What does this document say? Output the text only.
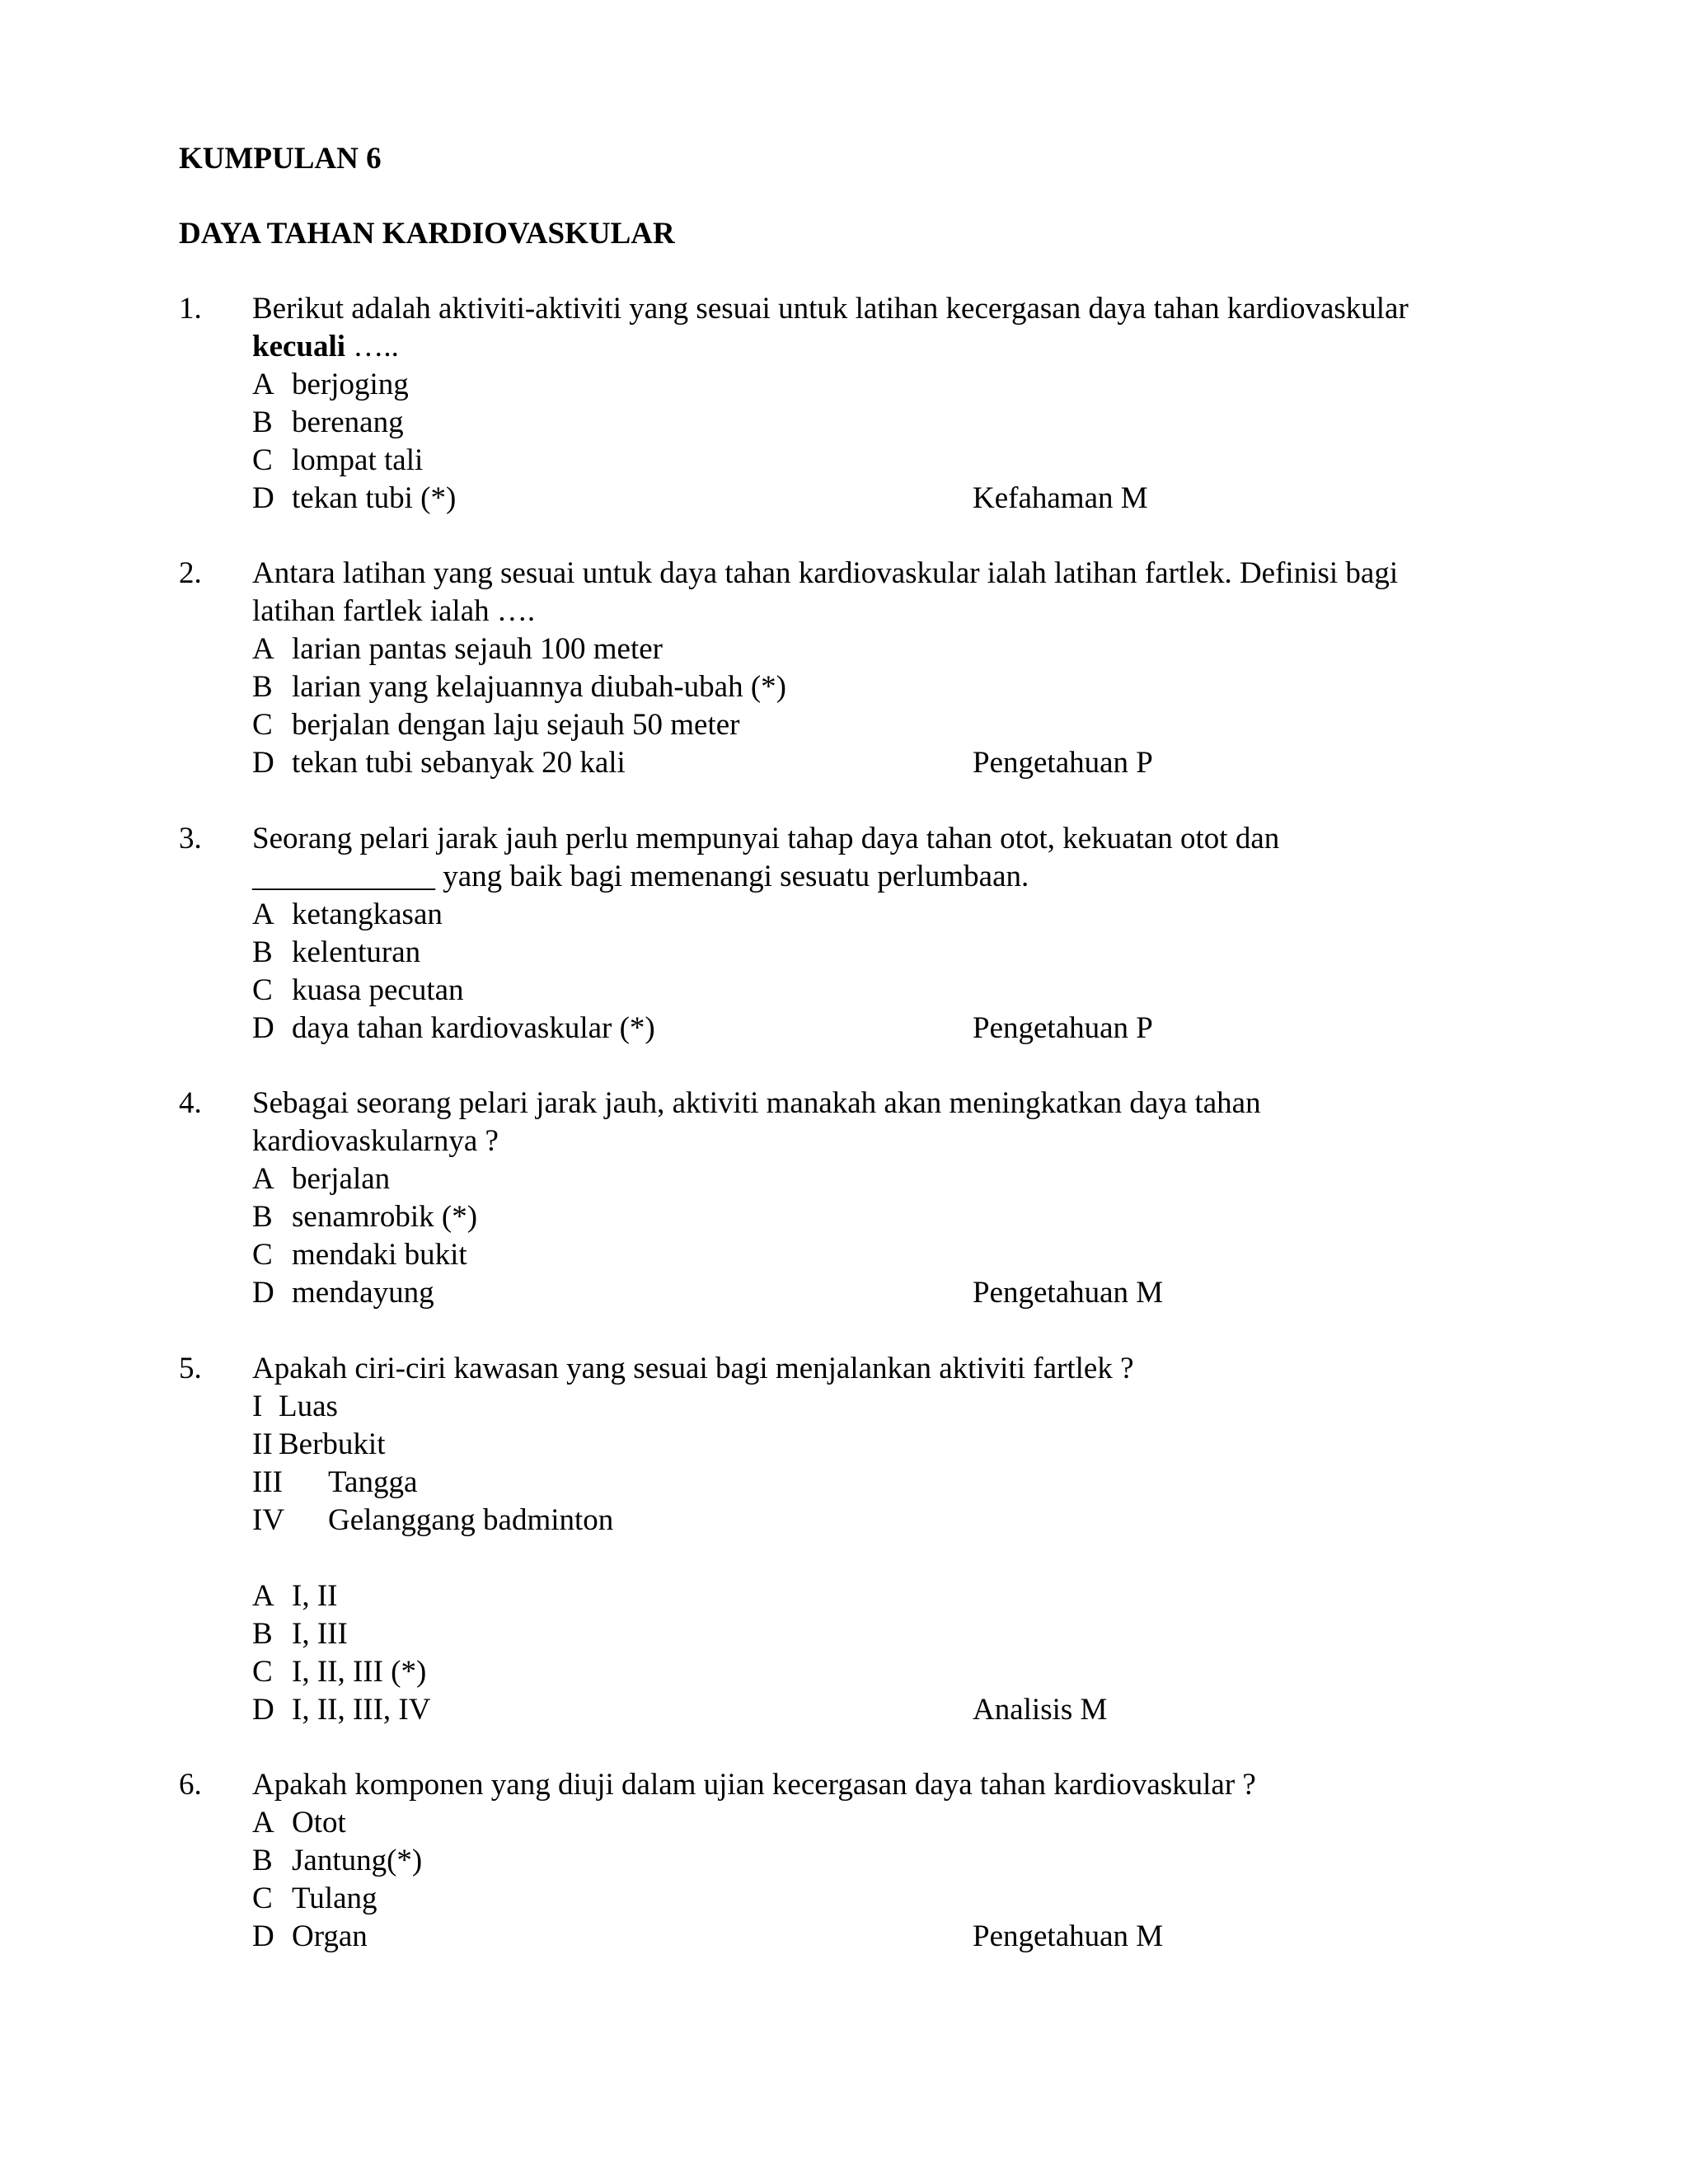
KUMPULAN 6
DAYA TAHAN KARDIOVASKULAR
1. Berikut adalah aktiviti-aktiviti yang sesuai untuk latihan kecergasan daya tahan kardiovaskular
kecuali …..
A berjoging
B berenang
C lompat tali
D tekan tubi (*)	Kefahaman M
2. Antara latihan yang sesuai untuk daya tahan kardiovaskular ialah latihan fartlek. Definisi bagi
latihan fartlek ialah ….
A larian pantas sejauh 100 meter
B larian yang kelajuannya diubah-ubah (*)
C berjalan dengan laju sejauh 50 meter
D tekan tubi sebanyak 20 kali	Pengetahuan P
3. Seorang pelari jarak jauh perlu mempunyai tahap daya tahan otot, kekuatan otot dan
____________ yang baik bagi memenangi sesuatu perlumbaan.
A ketangkasan
B kelenturan
C kuasa pecutan
D daya tahan kardiovaskular (*)	Pengetahuan P
4. Sebagai seorang pelari jarak jauh, aktiviti manakah akan meningkatkan daya tahan
kardiovaskularnya ?
A berjalan
B senamrobik (*)
C mendaki bukit
D mendayung	Pengetahuan M
5. Apakah ciri-ciri kawasan yang sesuai bagi menjalankan aktiviti fartlek ?
I Luas
II Berbukit
III Tangga
IV Gelanggang badminton
A I, II
B I, III
C I, II, III (*)
D I, II, III, IV	Analisis M
6. Apakah komponen yang diuji dalam ujian kecergasan daya tahan kardiovaskular ?
A Otot
B Jantung(*)
C Tulang
D Organ	Pengetahuan M
